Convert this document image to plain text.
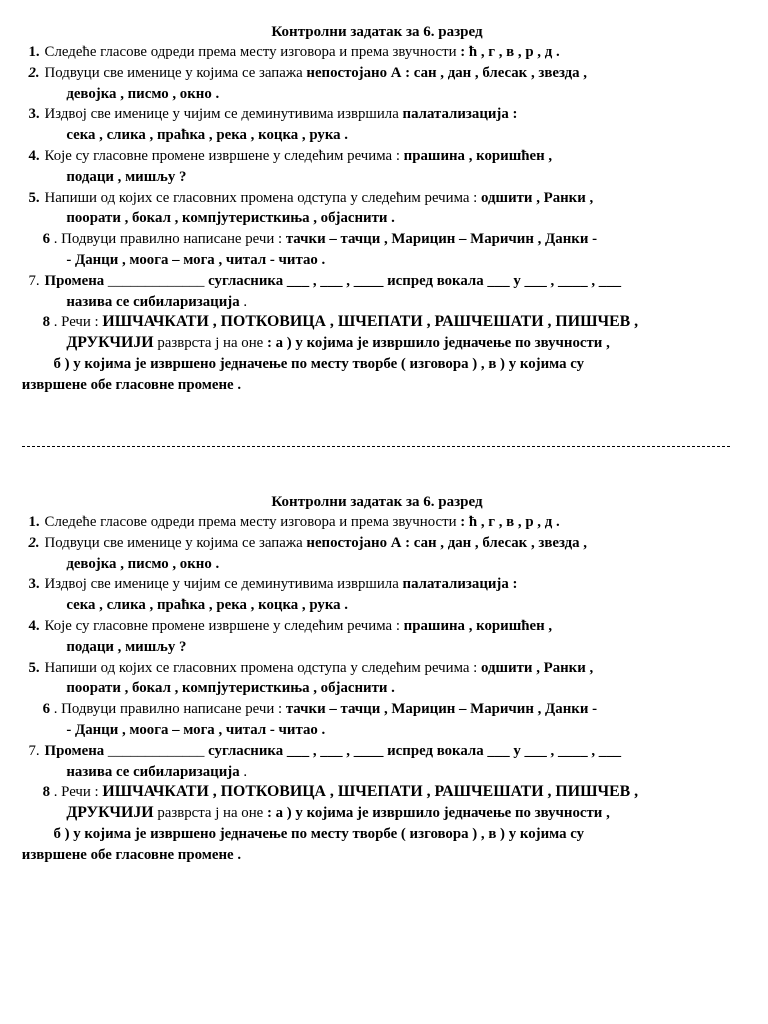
Контролни задатак за 6. разред
1. Следеће гласове одреди према месту изговора и према звучности : ћ , г , в , р , д .
2. Подвуци све именице у којима се запажа непостојано А : сан , дан , блесак , звезда ,
девојка , писмо , окно .
3. Издвој све именице у чијим се деминутивима извршила палатализација :
сека , слика , праћка , река , коцка , рука .
4. Које су гласовне промене извршене у следећим речима : прашина , коришћен ,
подаци , мишљу ?
5. Напиши од којих се гласовних промена одступа у следећим речима : одшити , Ранки ,
поорати , бокал , компјутеристкиња , објаснити .
6 . Подвуци правилно написане речи : тачки – тачци , Марицин – Маричин , Данки -
- Данци , моога – мога , читал - читао .
7. Промена _____________ сугласника ___ , ___ , ____ испред вокала ___ у ___ , ____ , ___
назива се сибиларизација .
8 . Речи : ИШЧАЧКАТИ , ПОТКОВИЦА , ШЧЕПАТИ , РАШЧЕШАТИ , ПИШЧЕВ ,
ДРУКЧИЈИ разврста ј на оне : а ) у којима је извршило једначење по звучности ,
б ) у којима је извршено једначење по месту творбе ( изговора ) , в ) у којима су
извршене обе гласовне промене .
Контролни задатак за 6. разред
1. Следеће гласове одреди према месту изговора и према звучности : ћ , г , в , р , д .
2. Подвуци све именице у којима се запажа непостојано А : сан , дан , блесак , звезда ,
девојка , писмо , окно .
3. Издвој све именице у чијим се деминутивима извршила палатализација :
сека , слика , праћка , река , коцка , рука .
4. Које су гласовне промене извршене у следећим речима : прашина , коришћен ,
подаци , мишљу ?
5. Напиши од којих се гласовних промена одступа у следећим речима : одшити , Ранки ,
поорати , бокал , компјутеристкиња , објаснити .
6 . Подвуци правилно написане речи : тачки – тачци , Марицин – Маричин , Данки -
- Данци , моога – мога , читал - читао .
7. Промена _____________ сугласника ___ , ___ , ____ испред вокала ___ у ___ , ____ , ___
назива се сибиларизација .
8 . Речи : ИШЧАЧКАТИ , ПОТКОВИЦА , ШЧЕПАТИ , РАШЧЕШАТИ , ПИШЧЕВ ,
ДРУКЧИЈИ разврста ј на оне : а ) у којима је извршило једначење по звучности ,
б ) у којима је извршено једначење по месту творбе ( изговора ) , в ) у којима су
извршене обе гласовне промене .
